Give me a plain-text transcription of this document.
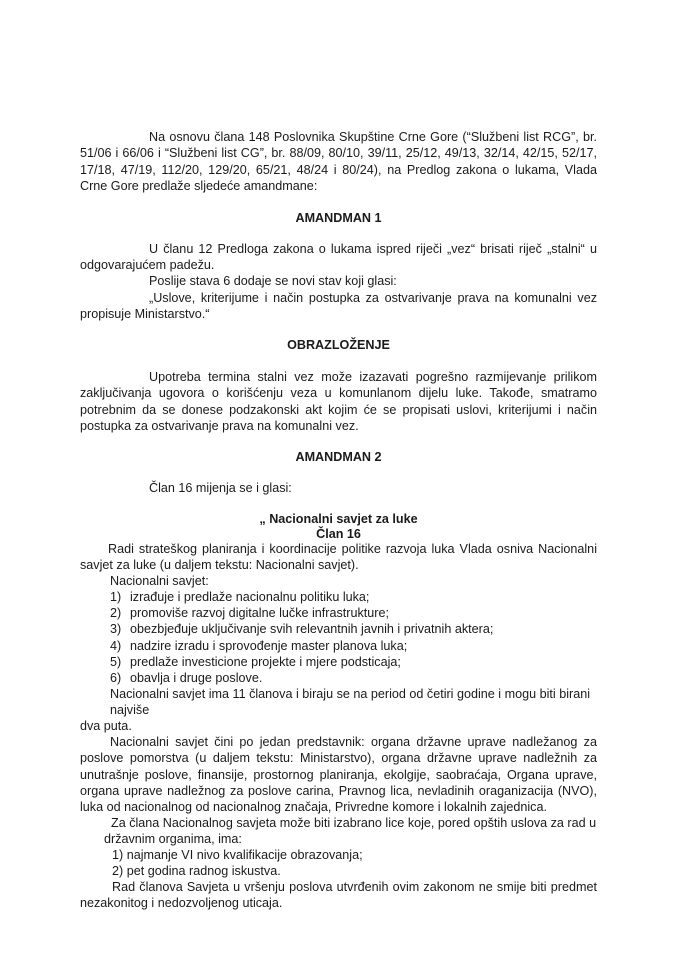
Na osnovu člana 148 Poslovnika Skupštine Crne Gore (“Službeni list RCG”, br. 51/06 i 66/06 i “Službeni list CG”, br. 88/09, 80/10, 39/11, 25/12, 49/13, 32/14, 42/15, 52/17, 17/18, 47/19, 112/20, 129/20, 65/21, 48/24 i 80/24), na Predlog zakona o lukama, Vlada Crne Gore predlaže sljedeće amandmane:
AMANDMAN 1
U članu 12 Predloga zakona o lukama ispred riječi „vez“ brisati riječ „stalni“ u odgovarajućem padežu.
Poslije stava 6 dodaje se novi stav koji glasi:
„Uslove, kriterijume i način postupka za ostvarivanje prava na komunalni vez propisuje Ministarstvo.“
OBRAZLOŽENJE
Upotreba termina stalni vez može izazavati pogrešno razmijevanje prilikom zaključivanja ugovora o korišćenju veza u komunlanom dijelu luke. Takođe, smatramo potrebnim da se donese podzakonski akt kojim će se propisati uslovi, kriterijumi i način postupka za ostvarivanje prava na komunalni vez.
AMANDMAN 2
Član 16 mijenja se i glasi:
„ Nacionalni savjet za luke
Član 16
Radi strateškog planiranja i koordinacije politike razvoja luka Vlada osniva Nacionalni savjet za luke (u daljem tekstu: Nacionalni savjet).
Nacionalni savjet:
1) izrađuje i predlaže nacionalnu politiku luka;
2) promoviše razvoj digitalne lučke infrastrukture;
3) obezbjeđuje uključivanje svih relevantnih javnih i privatnih aktera;
4) nadzire izradu i sprovođenje master planova luka;
5) predlaže investicione projekte i mjere podsticaja;
6) obavlja i druge poslove.
Nacionalni savjet ima 11 članova i biraju se na period od četiri godine i mogu biti birani
najviše
dva puta.
Nacionalni savjet čini po jedan predstavnik: organa državne uprave nadležanog za poslove pomorstva (u daljem tekstu: Ministarstvo), organa državne uprave nadležnih za unutrašnje poslove, finansije, prostornog planiranja, ekolgije, saobraćaja, Organa uprave, organa uprave nadležnog za poslove carina, Pravnog lica, nevladinih oraganizacija (NVO), luka od nacionalnog od nacionalnog značaja, Privredne komore i lokalnih zajednica.
Za člana Nacionalnog savjeta može biti izabrano lice koje, pored opštih uslova za rad u
državnim organima, ima:
1) najmanje VI nivo kvalifikacije obrazovanja;
2) pet godina radnog iskustva.
Rad članova Savjeta u vršenju poslova utvrđenih ovim zakonom ne smije biti predmet nezakonitog i nedozvoljenog uticaja.
